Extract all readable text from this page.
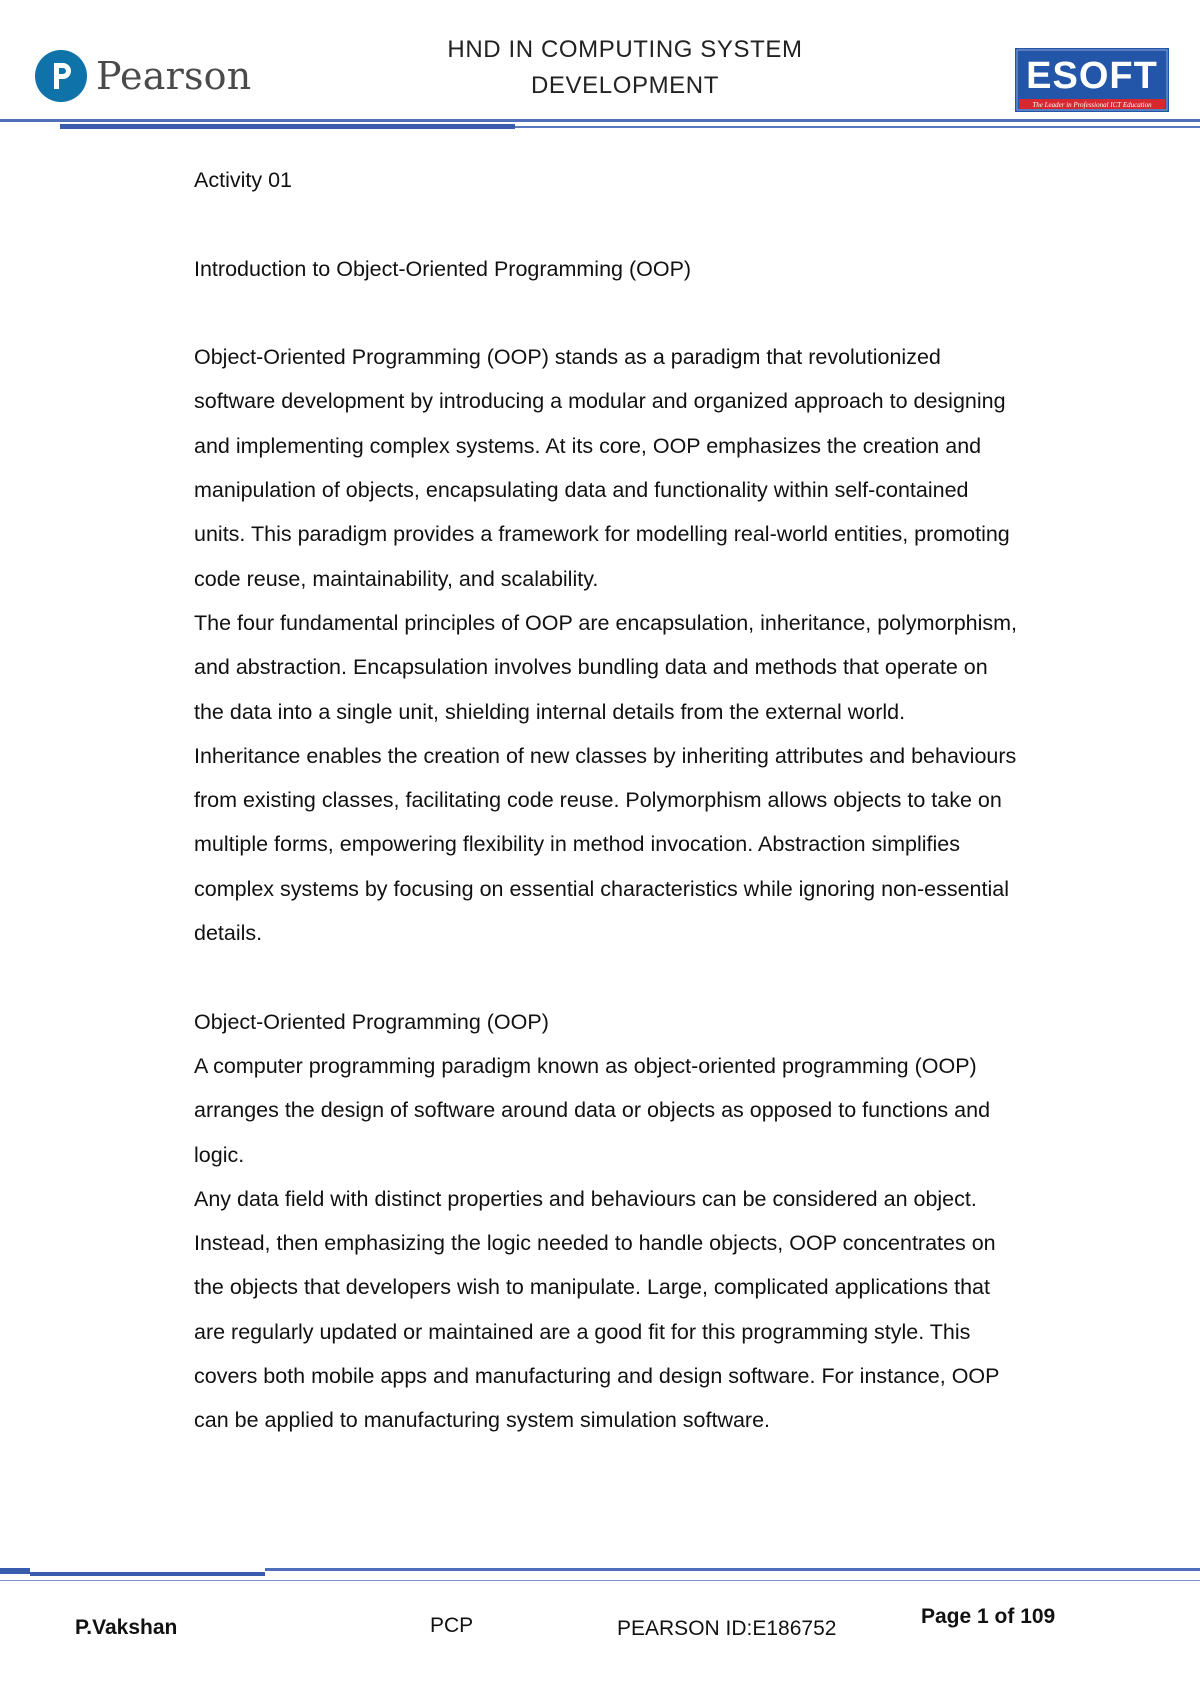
Pearson
HND IN COMPUTING SYSTEM
DEVELOPMENT	ESOFT
The Leader in Professional ICT Education

Activity 01

Introduction to Object-Oriented Programming (OOP)

Object-Oriented Programming (OOP) stands as a paradigm that revolutionized

software development by introducing a modular and organized approach to designing

and implementing complex systems. At its core, OOP emphasizes the creation and

manipulation of objects, encapsulating data and functionality within self-contained

units. This paradigm provides a framework for modelling real-world entities, promoting

code reuse, maintainability, and scalability.

The four fundamental principles of OOP are encapsulation, inheritance, polymorphism,

and abstraction. Encapsulation involves bundling data and methods that operate on

the data into a single unit, shielding internal details from the external world.

Inheritance enables the creation of new classes by inheriting attributes and behaviours

from existing classes, facilitating code reuse. Polymorphism allows objects to take on

multiple forms, empowering flexibility in method invocation. Abstraction simplifies

complex systems by focusing on essential characteristics while ignoring non-essential

details.

Object-Oriented Programming (OOP)

A computer programming paradigm known as object-oriented programming (OOP)

arranges the design of software around data or objects as opposed to functions and

logic.

Any data field with distinct properties and behaviours can be considered an object.

Instead, then emphasizing the logic needed to handle objects, OOP concentrates on

the objects that developers wish to manipulate. Large, complicated applications that

are regularly updated or maintained are a good fit for this programming style. This

covers both mobile apps and manufacturing and design software. For instance, OOP

can be applied to manufacturing system simulation software.

P.Vakshan	PCP	PEARSON ID:E186752
Page 1 of 109
